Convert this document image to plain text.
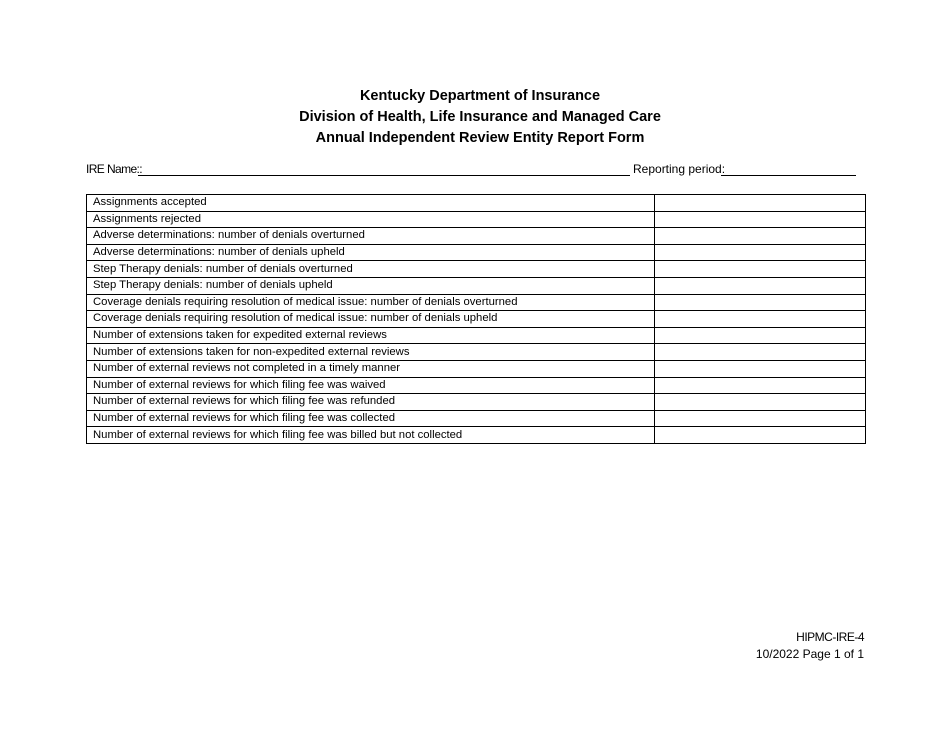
Kentucky Department of Insurance
Division of Health, Life Insurance and Managed Care
Annual Independent Review Entity Report Form
IRE Name::	Reporting period:
Assignments accepted	
Assignments rejected	
Adverse determinations: number of denials overturned	
Adverse determinations: number of denials upheld	
Step Therapy denials: number of denials overturned	
Step Therapy denials: number of denials upheld	
Coverage denials requiring resolution of medical issue: number of denials overturned	
Coverage denials requiring resolution of medical issue: number of denials upheld	
Number of extensions taken for expedited external reviews	
Number of extensions taken for non-expedited external reviews	
Number of external reviews not completed in a timely manner	
Number of external reviews for which filing fee was waived	
Number of external reviews for which filing fee was refunded	
Number of external reviews for which filing fee was collected	
Number of external reviews for which filing fee was billed but not collected	
HIPMC-IRE-4
10/2022 Page 1 of 1
